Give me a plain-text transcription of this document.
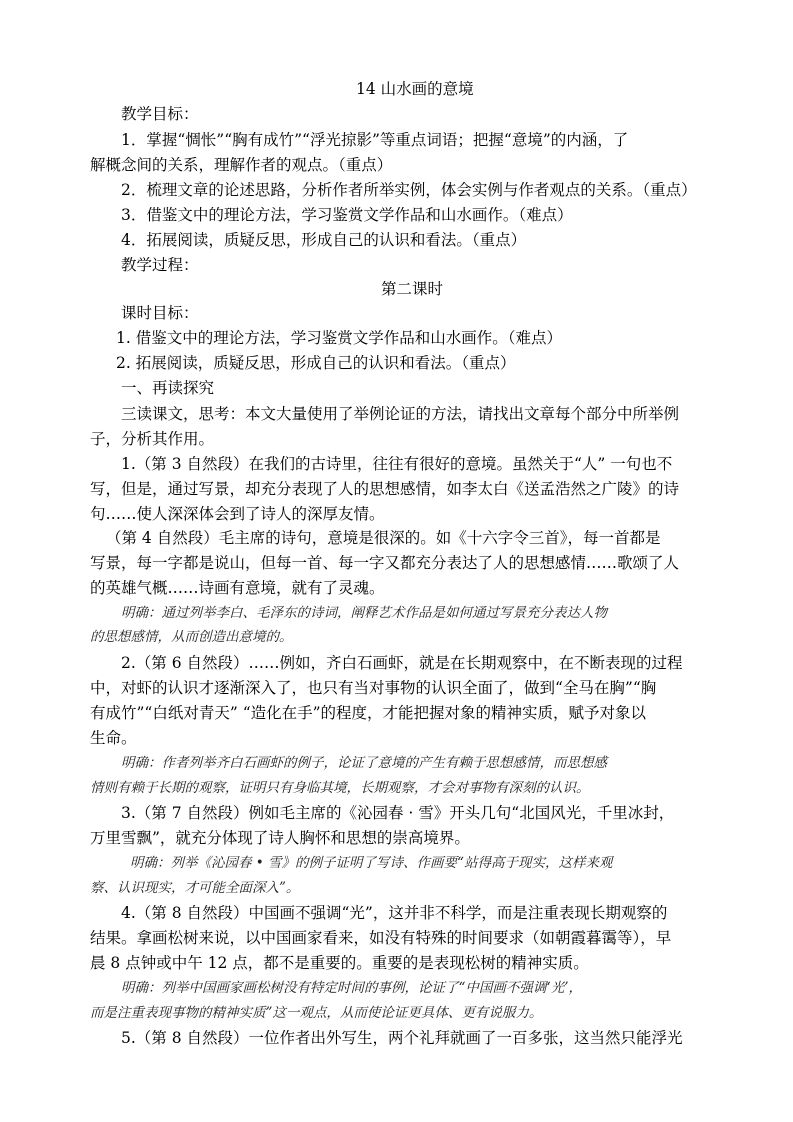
14 山水画的意境
教学目标：
1．掌握“惆怅”“胸有成竹”“浮光掠影”等重点词语；把握“意境”的内涵，了
解概念间的关系，理解作者的观点。（重点）
2．梳理文章的论述思路，分析作者所举实例，体会实例与作者观点的关系。（重点）
3．借鉴文中的理论方法，学习鉴赏文学作品和山水画作。（难点）
4．拓展阅读，质疑反思，形成自己的认识和看法。（重点）
教学过程：
第二课时
课时目标：
1. 借鉴文中的理论方法，学习鉴赏文学作品和山水画作。（难点）
2. 拓展阅读，质疑反思，形成自己的认识和看法。（重点）
一、再读探究
三读课文，思考：本文大量使用了举例论证的方法，请找出文章每个部分中所举例
子，分析其作用。
1.（第 3 自然段）在我们的古诗里，往往有很好的意境。虽然关于“人” 一句也不
写，但是，通过写景，却充分表现了人的思想感情，如李太白《送孟浩然之广陵》的诗
句……使人深深体会到了诗人的深厚友情。
（第 4 自然段）毛主席的诗句，意境是很深的。如《十六字令三首》，每一首都是
写景，每一字都是说山，但每一首、每一字又都充分表达了人的思想感情……歌颂了人
的英雄气概……诗画有意境，就有了灵魂。
明确：通过列举李白、毛泽东的诗词，阐释艺术作品是如何通过写景充分表达人物
的思想感情，从而创造出意境的。
2.（第 6 自然段）……例如，齐白石画虾，就是在长期观察中，在不断表现的过程
中，对虾的认识才逐渐深入了，也只有当对事物的认识全面了，做到“全马在胸”“胸
有成竹”“白纸对青天” “造化在手”的程度，才能把握对象的精神实质，赋予对象以
生命。
明确：作者列举齐白石画虾的例子，论证了意境的产生有赖于思想感情，而思想感
情则有赖于长期的观察，证明只有身临其境，长期观察，才会对事物有深刻的认识。
3.（第 7 自然段）例如毛主席的《沁园春 · 雪》开头几句“北国风光，千里冰封，
万里雪飘”，就充分体现了诗人胸怀和思想的崇高境界。
明确：列举《沁园春 • 雪》的例子证明了写诗、作画要“站得高于现实，这样来观
察、认识现实，才可能全面深入”。
4.（第 8 自然段）中国画不强调“光”，这并非不科学，而是注重表现长期观察的
结果。拿画松树来说，以中国画家看来，如没有特殊的时间要求（如朝霞暮霭等），早
晨 8 点钟或中午 12 点，都不是重要的。重要的是表现松树的精神实质。
明确：列举中国画家画松树没有特定时间的事例，论证了“中国画不强调‘光’，
而是注重表现事物的精神实质”这一观点，从而使论证更具体、更有说服力。
5.（第 8 自然段）一位作者出外写生，两个礼拜就画了一百多张，这当然只能浮光
